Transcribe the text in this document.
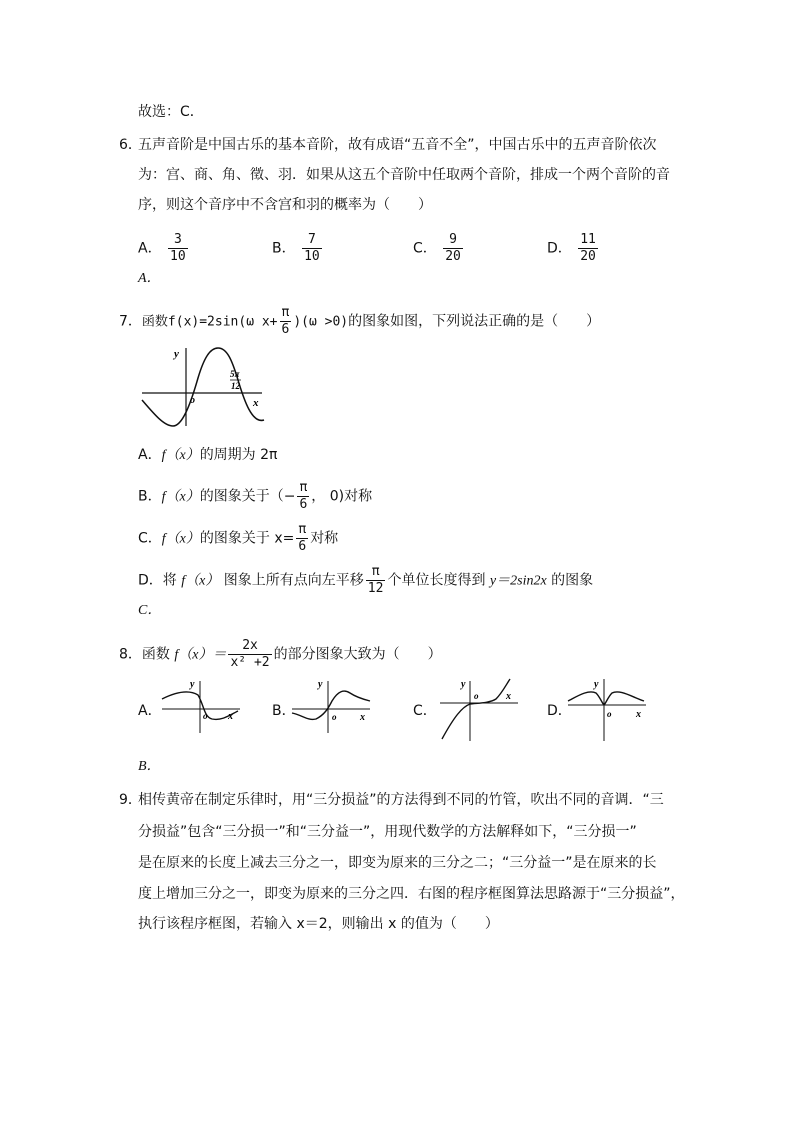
故选：C．
6．
五声音阶是中国古乐的基本音阶，故有成语“五音不全”，中国古乐中的五声音阶依次
为：宫、商、角、徵、羽．如果从这五个音阶中任取两个音阶，排成一个两个音阶的音
序，则这个音序中不含宫和羽的概率为（　　）
A． $\frac{3}{10}$	B． $\frac{7}{10}$	C． $\frac{9}{20}$	D． $\frac{11}{20}$
A．
7．函数f(x)=2sin(ω $x+ \frac{\pi}{6} )(\omega >0)$的图象如图，下列说法正确的是（　　）
y
o	x
5π
12
A．f（x）的周期为 2π
B．f（x）的图象关于（− $\frac{\pi}{6}$ ， 0)对称
C．f（x）的图象关于 $x= \frac{\pi}{6}$ 对称
D．将 f（x） 图象上所有点向左平移 $\frac{\pi}{12}$ 个单位长度得到 y＝2sin2x 的图象
C．
8．函数 $f(x)= \frac{2x}{\text{x² +2}}$ 的部分图象大致为（　　）
A．
y
o x	B．
y
o x	C．
y
o	x
D．
y
o x
B．
9．
相传黄帝在制定乐律时，用“三分损益”的方法得到不同的竹管，吹出不同的音调．“三
分损益”包含“三分损一”和“三分益一”，用现代数学的方法解释如下，“三分损一”
是在原来的长度上减去三分之一，即变为原来的三分之二；“三分益一”是在原来的长
度上增加三分之一，即变为原来的三分之四．右图的程序框图算法思路源于“三分损益”，
执行该程序框图，若输入 x＝2，则输出 x 的值为（　　）
